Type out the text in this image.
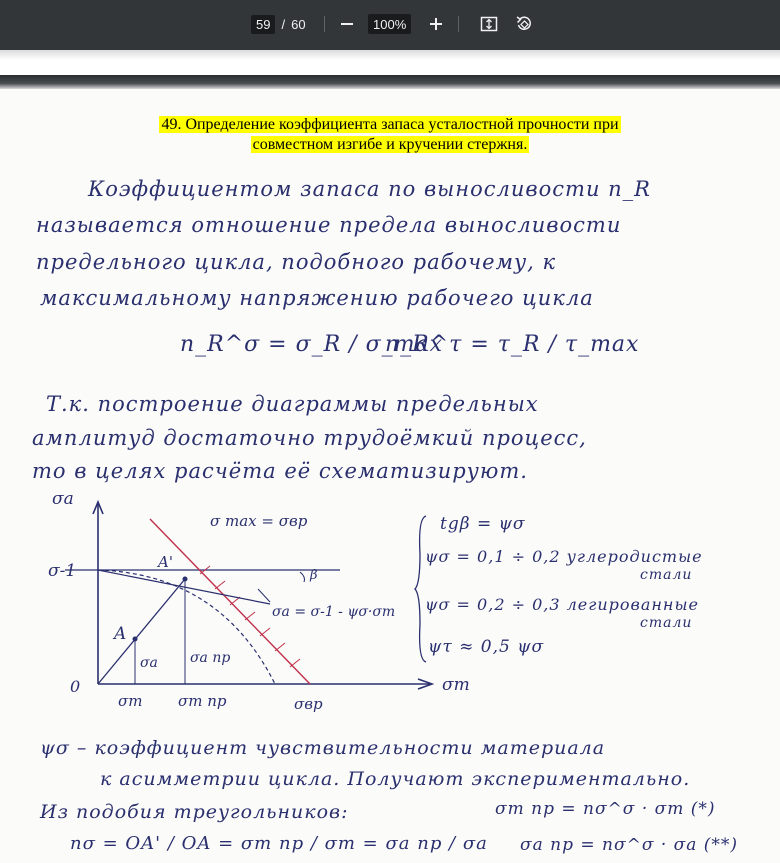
59 / 60	100%
49. Определение коэффициента запаса усталостной прочности при
совместном изгибе и кручении стержня.
Коэффициентом запаса по выносливости n_R
называется отношение предела выносливости
предельного цикла, подобного рабочему, к
максимальному напряжению рабочего цикла
n_R^σ = σ_R / σ_max
n_R^τ = τ_R / τ_max
Т.к. построение диаграммы предельных
амплитуд достаточно трудоёмкий процесс,
то в целях расчёта её схематизируют.
σa
σm
0
σ-1
A
A'
σ max = σвр
β
σa = σ-1 - ψσ·σm
σa σa пр
σm σm пр	σвр
tgβ = ψσ
ψσ = 0,1 ÷ 0,2 углеродистые
стали
ψσ = 0,2 ÷ 0,3 легированные
стали
ψτ ≈ 0,5 ψσ
ψσ – коэффициент чувствительности материала
к асимметрии цикла. Получают экспериментально.
Из подобия треугольников:	σm пр = nσ^σ · σm (*)
nσ = OA' / OA = σm пр / σm = σa пр / σa σa пр = nσ^σ · σa (**)
